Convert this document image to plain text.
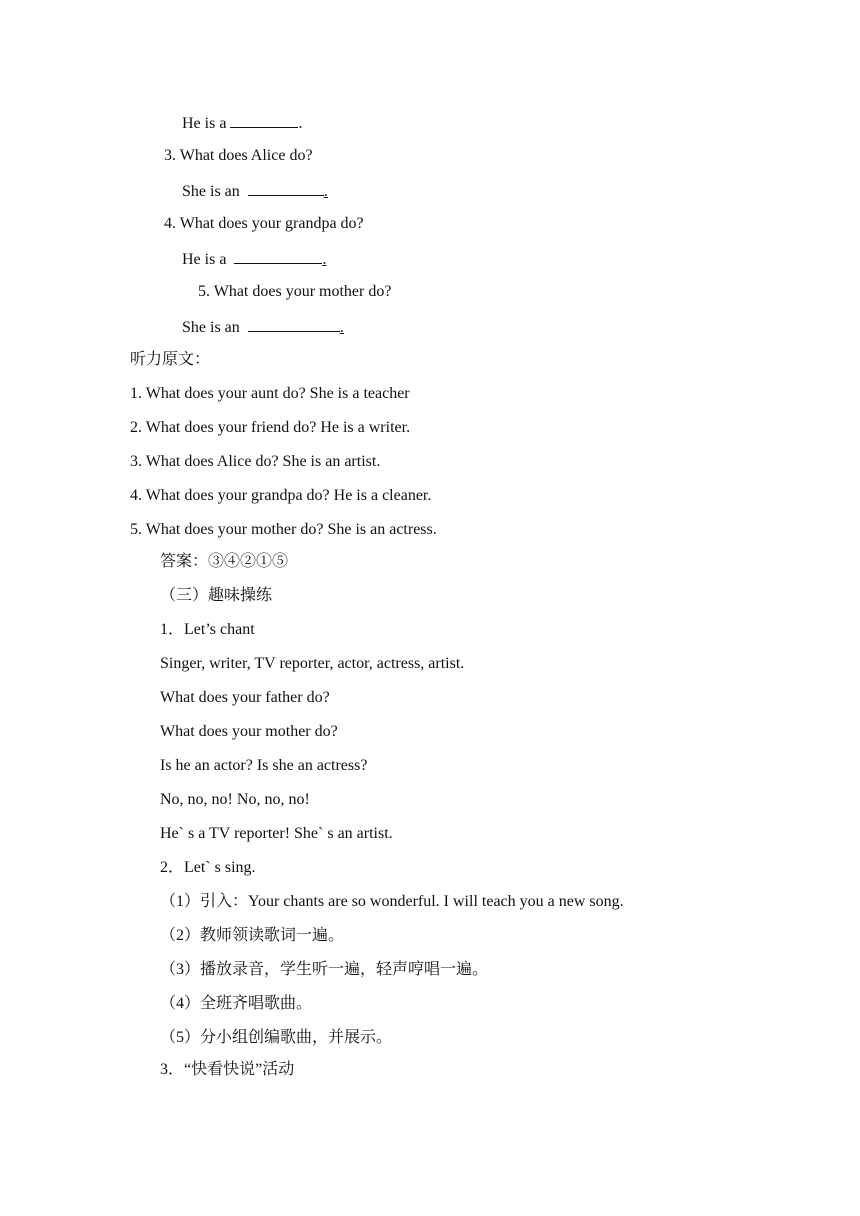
He is a	.
3. What does Alice do?
She is an	.
4. What does your grandpa do?
He is a	.
5. What does your mother do?
She is an	.
听力原文：
1. What does your aunt do? She is a teacher
2. What does your friend do? He is a writer.
3. What does Alice do? She is an artist.
4. What does your grandpa do? He is a cleaner.
5. What does your mother do? She is an actress.
答案：③④②①⑤
（三）趣味操练
1．Let’s chant
Singer, writer, TV reporter, actor, actress, artist.
What does your father do?
What does your mother do?
Is he an actor? Is she an actress?
No, no, no! No, no, no!
He` s a TV reporter! She` s an artist.
2．Let` s sing.
（1）引入：Your chants are so wonderful. I will teach you a new song.
（2）教师领读歌词一遍。
（3）播放录音，学生听一遍，轻声哼唱一遍。
（4）全班齐唱歌曲。
（5）分小组创编歌曲，并展示。
3．“快看快说”活动
